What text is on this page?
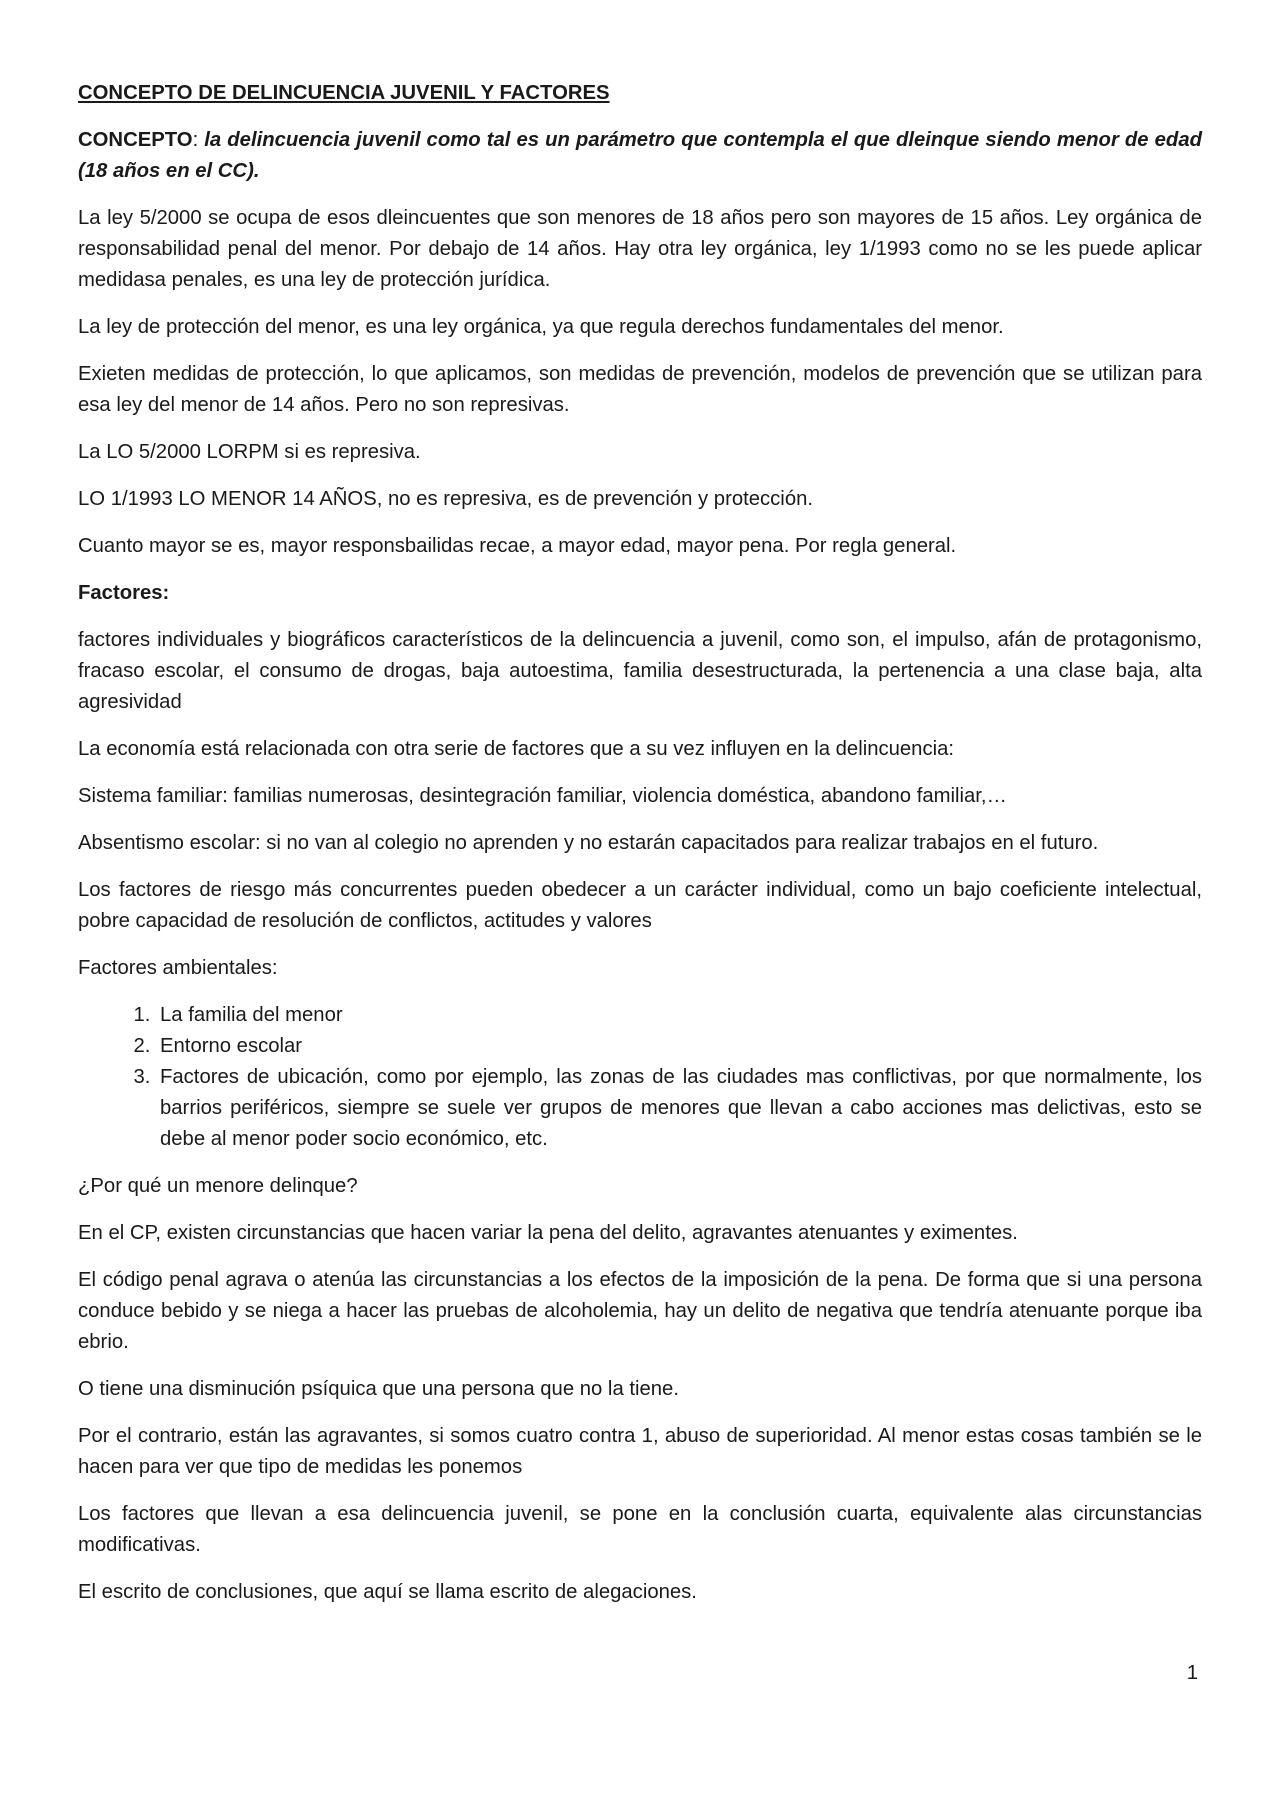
CONCEPTO DE DELINCUENCIA JUVENIL Y FACTORES

CONCEPTO: la delincuencia juvenil como tal es un parámetro que contempla el que dleinque siendo menor de edad (18 años en el CC).

La ley 5/2000 se ocupa de esos dleincuentes que son menores de 18 años pero son mayores de 15 años. Ley orgánica de responsabilidad penal del menor. Por debajo de 14 años. Hay otra ley orgánica, ley 1/1993 como no se les puede aplicar medidasa penales, es una ley de protección jurídica.

La ley de protección del menor, es una ley orgánica, ya que regula derechos fundamentales del menor.

Exieten medidas de protección, lo que aplicamos, son medidas de prevención, modelos de prevención que se utilizan para esa ley del menor de 14 años. Pero no son represivas.

La LO 5/2000 LORPM si es represiva.

LO 1/1993 LO MENOR 14 AÑOS, no es represiva, es de prevención y protección.

Cuanto mayor se es, mayor responsbailidas recae, a mayor edad, mayor pena. Por regla general.

Factores:

factores individuales y biográficos característicos de la delincuencia a juvenil, como son, el impulso, afán de protagonismo, fracaso escolar, el consumo de drogas, baja autoestima, familia desestructurada, la pertenencia a una clase baja, alta agresividad

La economía está relacionada con otra serie de factores que a su vez influyen en la delincuencia:

Sistema familiar: familias numerosas, desintegración familiar, violencia doméstica, abandono familiar,…

Absentismo escolar: si no van al colegio no aprenden y no estarán capacitados para realizar trabajos en el futuro.

Los factores de riesgo más concurrentes pueden obedecer a un carácter individual, como un bajo coeficiente intelectual, pobre capacidad de resolución de conflictos, actitudes y valores

Factores ambientales:

1. La familia del menor
2. Entorno escolar
3. Factores de ubicación, como por ejemplo, las zonas de las ciudades mas conflictivas, por que normalmente, los barrios periféricos, siempre se suele ver grupos de menores que llevan a cabo acciones mas delictivas, esto se debe al menor poder socio económico, etc.

¿Por qué un menore delinque?

En el CP, existen circunstancias que hacen variar la pena del delito, agravantes atenuantes y eximentes.

El código penal agrava o atenúa las circunstancias a los efectos de la imposición de la pena. De forma que si una persona conduce bebido y se niega a hacer las pruebas de alcoholemia, hay un delito de negativa que tendría atenuante porque iba ebrio.

O tiene una disminución psíquica que una persona que no la tiene.

Por el contrario, están las agravantes, si somos cuatro contra 1, abuso de superioridad. Al menor estas cosas también se le hacen para ver que tipo de medidas les ponemos

Los factores que llevan a esa delincuencia juvenil, se pone en la conclusión cuarta, equivalente alas circunstancias modificativas.

El escrito de conclusiones, que aquí se llama escrito de alegaciones.

1
